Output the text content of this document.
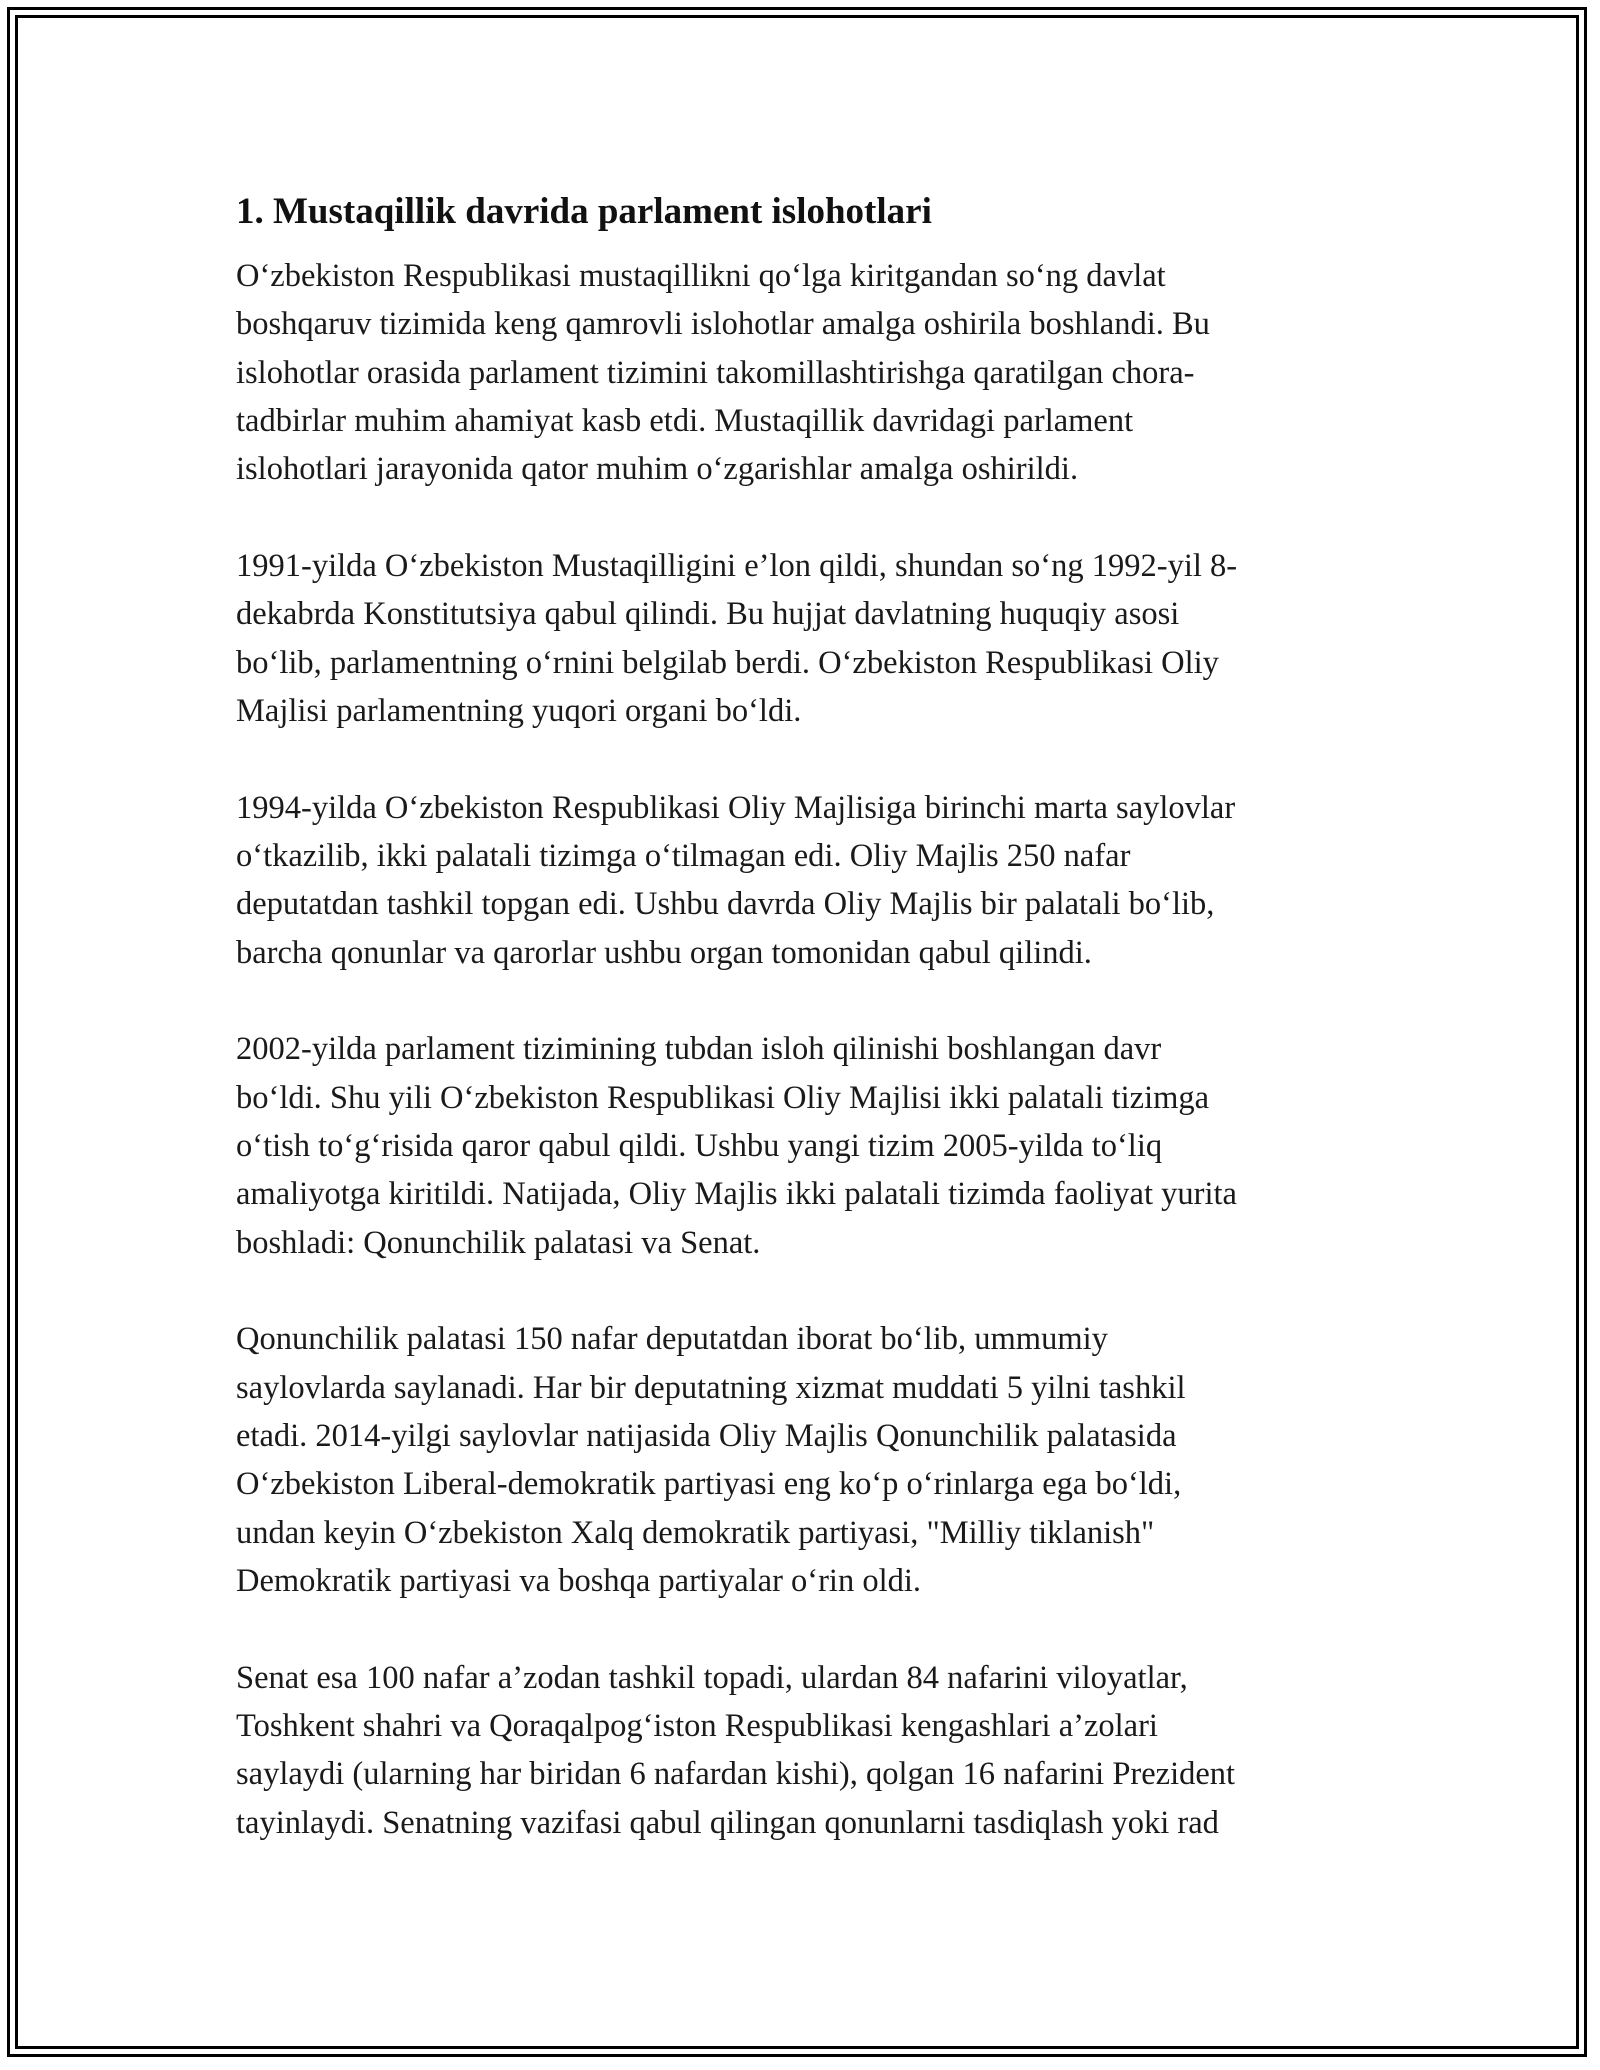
1. Mustaqillik davrida parlament islohotlari
O‘zbekiston Respublikasi mustaqillikni qo‘lga kiritgandan so‘ng davlat
boshqaruv tizimida keng qamrovli islohotlar amalga oshirila boshlandi. Bu
islohotlar orasida parlament tizimini takomillashtirishga qaratilgan chora-
tadbirlar muhim ahamiyat kasb etdi. Mustaqillik davridagi parlament
islohotlari jarayonida qator muhim o‘zgarishlar amalga oshirildi.
1991-yilda O‘zbekiston Mustaqilligini e’lon qildi, shundan so‘ng 1992-yil 8-
dekabrda Konstitutsiya qabul qilindi. Bu hujjat davlatning huquqiy asosi
bo‘lib, parlamentning o‘rnini belgilab berdi. O‘zbekiston Respublikasi Oliy
Majlisi parlamentning yuqori organi bo‘ldi.
1994-yilda O‘zbekiston Respublikasi Oliy Majlisiga birinchi marta saylovlar
o‘tkazilib, ikki palatali tizimga o‘tilmagan edi. Oliy Majlis 250 nafar
deputatdan tashkil topgan edi. Ushbu davrda Oliy Majlis bir palatali bo‘lib,
barcha qonunlar va qarorlar ushbu organ tomonidan qabul qilindi.
2002-yilda parlament tizimining tubdan isloh qilinishi boshlangan davr
bo‘ldi. Shu yili O‘zbekiston Respublikasi Oliy Majlisi ikki palatali tizimga
o‘tish to‘g‘risida qaror qabul qildi. Ushbu yangi tizim 2005-yilda to‘liq
amaliyotga kiritildi. Natijada, Oliy Majlis ikki palatali tizimda faoliyat yurita
boshladi: Qonunchilik palatasi va Senat.
Qonunchilik palatasi 150 nafar deputatdan iborat bo‘lib, ummumiy
saylovlarda saylanadi. Har bir deputatning xizmat muddati 5 yilni tashkil
etadi. 2014-yilgi saylovlar natijasida Oliy Majlis Qonunchilik palatasida
O‘zbekiston Liberal-demokratik partiyasi eng ko‘p o‘rinlarga ega bo‘ldi,
undan keyin O‘zbekiston Xalq demokratik partiyasi, "Milliy tiklanish"
Demokratik partiyasi va boshqa partiyalar o‘rin oldi.
Senat esa 100 nafar a’zodan tashkil topadi, ulardan 84 nafarini viloyatlar,
Toshkent shahri va Qoraqalpog‘iston Respublikasi kengashlari a’zolari
saylaydi (ularning har biridan 6 nafardan kishi), qolgan 16 nafarini Prezident
tayinlaydi. Senatning vazifasi qabul qilingan qonunlarni tasdiqlash yoki rad
